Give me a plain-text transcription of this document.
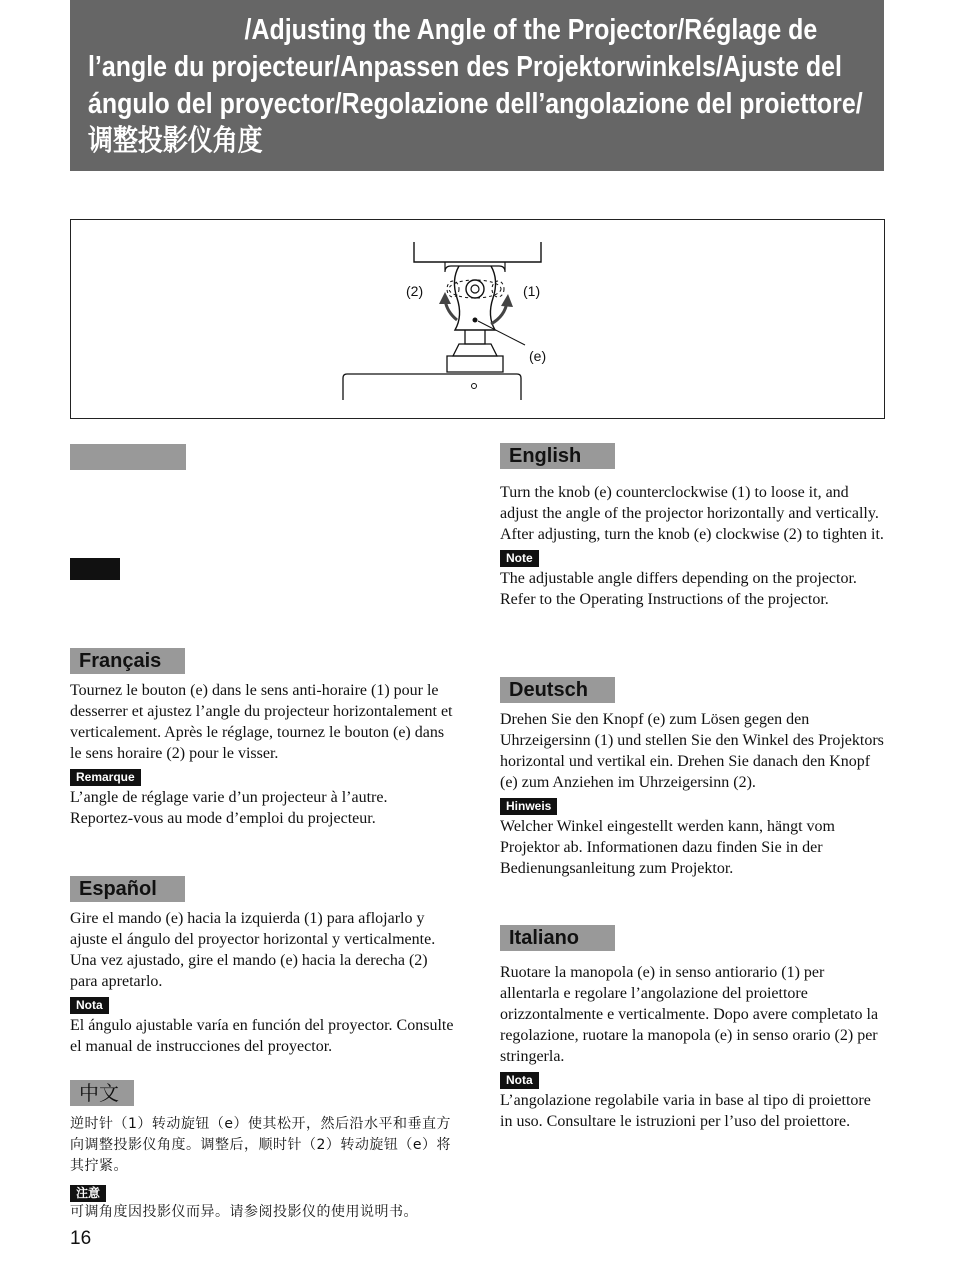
/Adjusting the Angle of the Projector/Réglage de l’angle du projecteur/Anpassen des Projektorwinkels/Ajuste del ángulo del proyector/Regolazione dell’angolazione del proiettore/调整投影仪角度
(2)	(1)
(e)
Français

Tournez le bouton (e) dans le sens anti-horaire (1) pour le desserrer et ajustez l’angle du projecteur horizontalement et verticalement. Après le réglage, tournez le bouton (e) dans le sens horaire (2) pour le visser.

Remarque

L’angle de réglage varie d’un projecteur à l’autre. Reportez-vous au mode d’emploi du projecteur.

Español

Gire el mando (e) hacia la izquierda (1) para aflojarlo y ajuste el ángulo del proyector horizontal y verticalmente. Una vez ajustado, gire el mando (e) hacia la derecha (2) para apretarlo.

Nota

El ángulo ajustable varía en función del proyector. Consulte el manual de instrucciones del proyector.

中文

逆时针（1）转动旋钮（e）使其松开，然后沿水平和垂直方向调整投影仪角度。调整后，顺时针（2）转动旋钮（e）将其拧紧。

注意

可调角度因投影仪而异。请参阅投影仪的使用说明书。

English

Turn the knob (e) counterclockwise (1) to loose it, and adjust the angle of the projector horizontally and vertically. After adjusting, turn the knob (e) clockwise (2) to tighten it.

Note

The adjustable angle differs depending on the projector. Refer to the Operating Instructions of the projector.

Deutsch

Drehen Sie den Knopf (e) zum Lösen gegen den Uhrzeigersinn (1) und stellen Sie den Winkel des Projektors horizontal und vertikal ein. Drehen Sie danach den Knopf (e) zum Anziehen im Uhrzeigersinn (2).

Hinweis

Welcher Winkel eingestellt werden kann, hängt vom Projektor ab. Informationen dazu finden Sie in der Bedienungsanleitung zum Projektor.

Italiano

Ruotare la manopola (e) in senso antiorario (1) per allentarla e regolare l’angolazione del proiettore orizzontalmente e verticalmente. Dopo avere completato la regolazione, ruotare la manopola (e) in senso orario (2) per stringerla.

Nota

L’angolazione regolabile varia in base al tipo di proiettore in uso. Consultare le istruzioni per l’uso del proiettore.

16
